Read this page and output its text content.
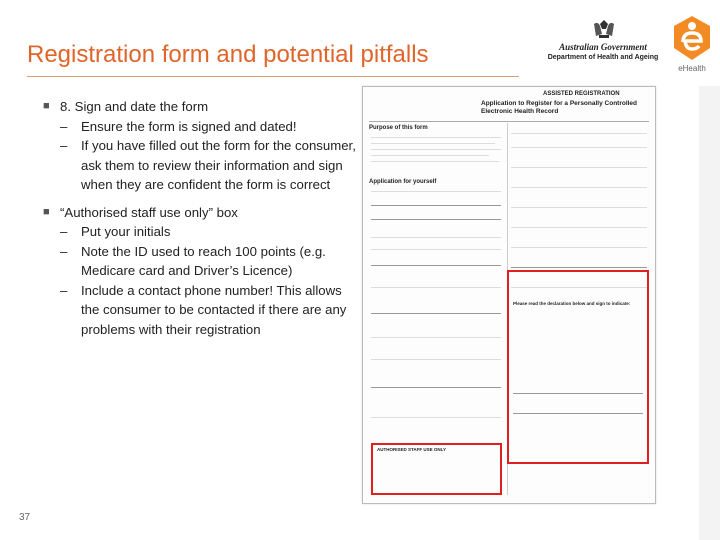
Registration form and potential pitfalls	Australian Government
Department of Health and Ageing
eHealth
■ 8. Sign and date the form
– Ensure the form is signed and dated!
– If you have filled out the form for the consumer, ask them to review their information and sign when they are confident the form is correct
■ “Authorised staff use only” box
– Put your initials
– Note the ID used to reach 100 points (e.g. Medicare card and Driver’s Licence)
– Include a contact phone number! This allows the consumer to be contacted if there are any problems with their registration
ASSISTED REGISTRATION
Application to Register for a Personally Controlled Electronic Health Record
Purpose of this form
Application for yourself
Please read the declaration below and sign to indicate:
AUTHORISED STAFF USE ONLY
37
